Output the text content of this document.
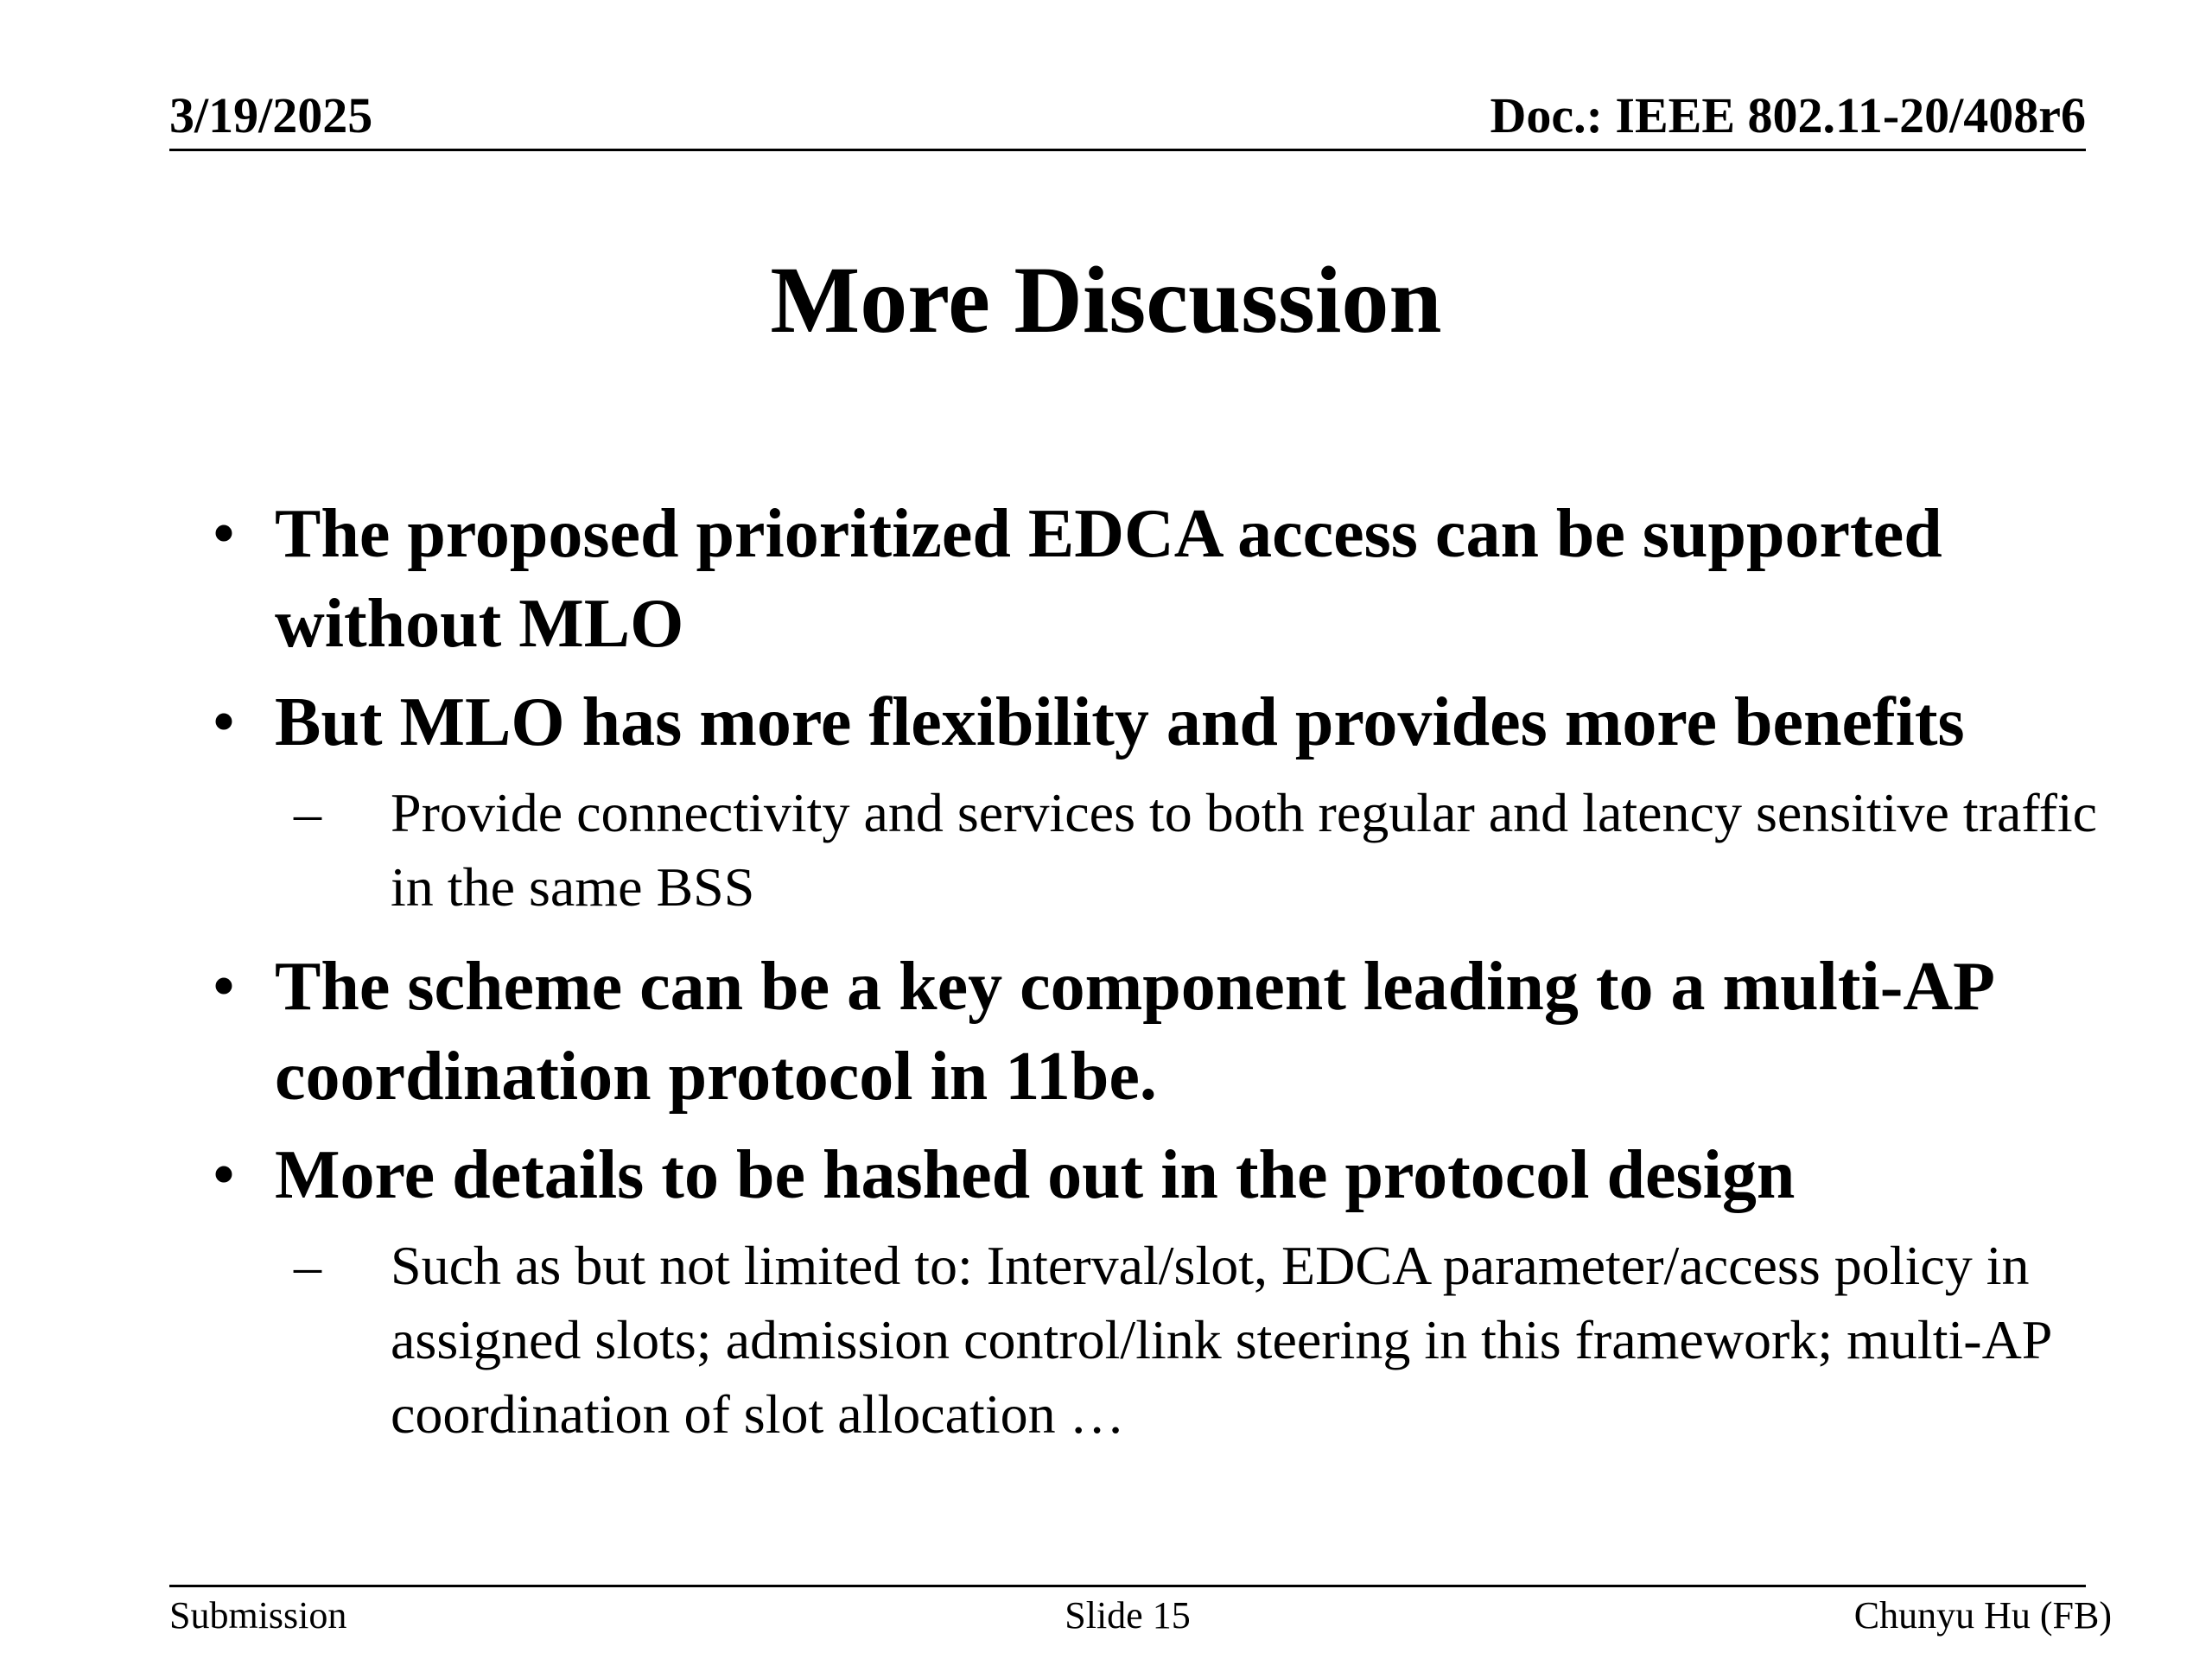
3/19/2025	Doc.: IEEE 802.11-20/408r6
More Discussion
• The proposed prioritized EDCA access can be supported without MLO
• But MLO has more flexibility and provides more benefits
–	Provide connectivity and services to both regular and latency sensitive traffic in the same BSS
• The scheme can be a key component leading to a multi-AP coordination protocol in 11be.
• More details to be hashed out in the protocol design
–	Such as but not limited to: Interval/slot, EDCA parameter/access policy in assigned slots; admission control/link steering in this framework; multi-AP coordination of slot allocation …
Submission	Slide 15	Chunyu Hu (FB)
